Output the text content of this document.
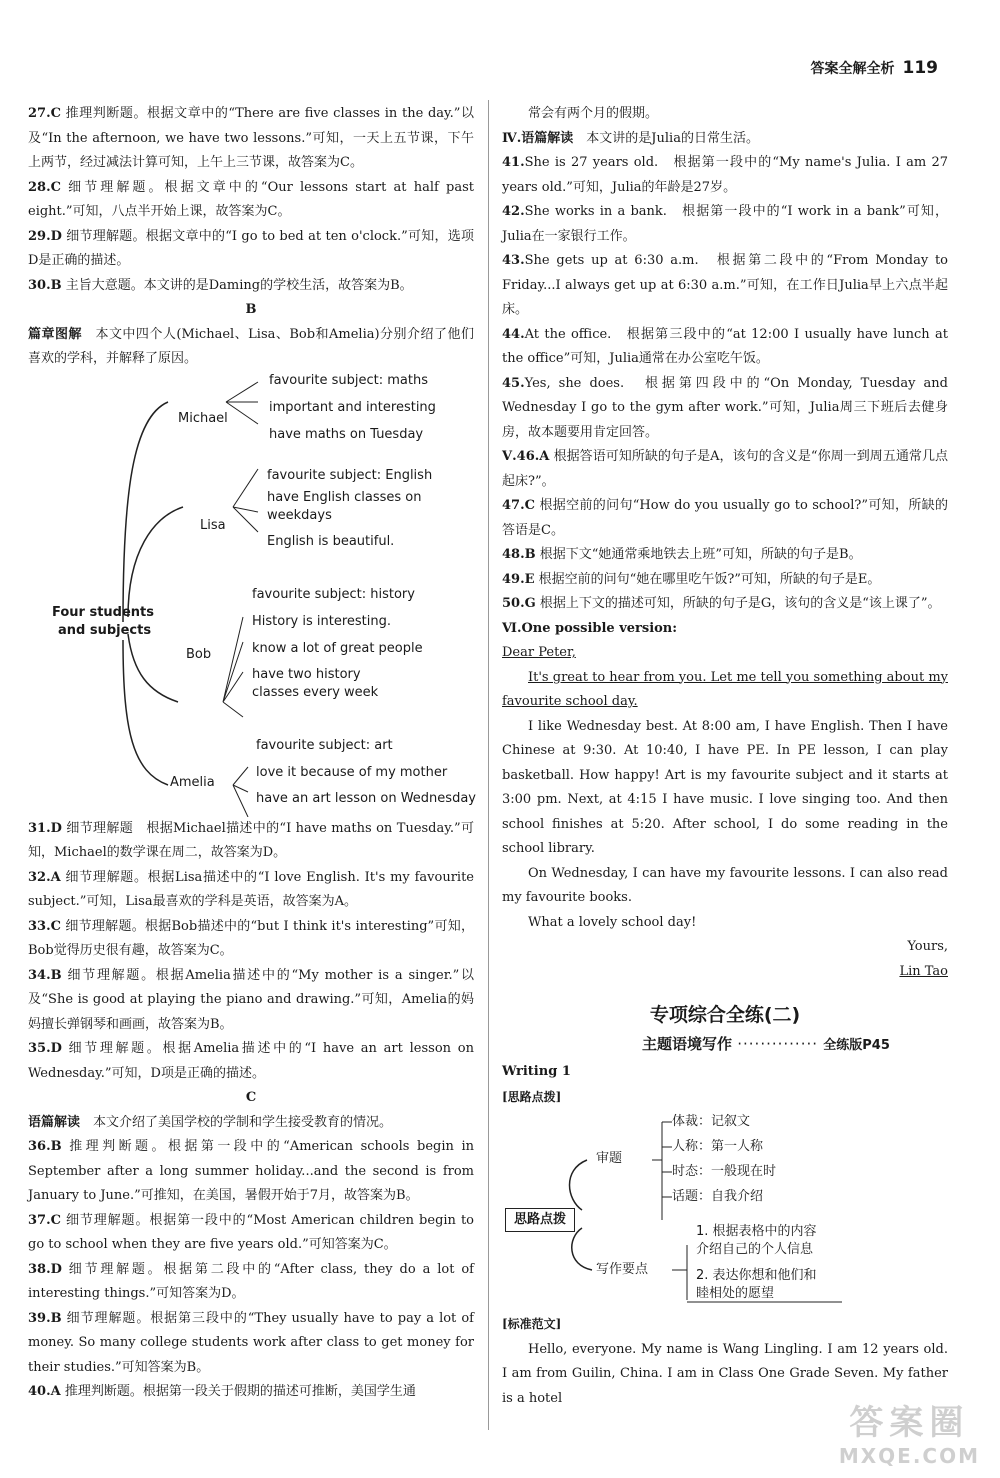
答案全解全析 119

27.C 推理判断题。根据文章中的“There are five classes in the day.”以及“In the afternoon, we have two lessons.”可知，一天上五节课，下午上两节，经过减法计算可知，上午上三节课，故答案为C。

28.C 细节理解题。根据文章中的“Our lessons start at half past eight.”可知，八点半开始上课，故答案为C。

29.D 细节理解题。根据文章中的“I go to bed at ten o'clock.”可知，选项D是正确的描述。

30.B 主旨大意题。本文讲的是Daming的学校生活，故答案为B。

B

篇章图解　 本文中四个人(Michael、Lisa、Bob和Amelia)分别介绍了他们喜欢的学科，并解释了原因。

Four students
and subjects
Michael
favourite subject: maths
important and interesting
have maths on Tuesday
Lisa
favourite subject: English
have English classes on
weekdays
English is beautiful.
Bob
favourite subject: history
History is interesting.
know a lot of great people
have two history
classes every week
Amelia
favourite subject: art
love it because of my mother
have an art lesson on Wednesday

31.D 细节理解题　根据Michael描述中的“I have maths on Tuesday.”可知，Michael的数学课在周二，故答案为D。

32.A 细节理解题。根据Lisa描述中的“I love English. It's my favourite subject.”可知，Lisa最喜欢的学科是英语，故答案为A。

33.C 细节理解题。根据Bob描述中的“but I think it's interesting”可知，Bob觉得历史很有趣，故答案为C。

34.B 细节理解题。根据Amelia描述中的“My mother is a singer.”以及“She is good at playing the piano and drawing.”可知，Amelia的妈妈擅长弹钢琴和画画，故答案为B。

35.D 细节理解题。根据Amelia描述中的“I have an art lesson on Wednesday.”可知，D项是正确的描述。

C

语篇解读　 本文介绍了美国学校的学制和学生接受教育的情况。

36.B 推理判断题。根据第一段中的“American schools begin in September after a long summer holiday...and the second is from January to June.”可推知，在美国，暑假开始于7月，故答案为B。

37.C 细节理解题。根据第一段中的“Most American children begin to go to school when they are five years old.”可知答案为C。

38.D 细节理解题。根据第二段中的“After class, they do a lot of interesting things.”可知答案为D。

39.B 细节理解题。根据第三段中的“They usually have to pay a lot of money. So many college students work after class to get money for their studies.”可知答案为B。

40.A 推理判断题。根据第一段关于假期的描述可推断，美国学生通

常会有两个月的假期。

Ⅳ.语篇解读　 本文讲的是Julia的日常生活。

41.She is 27 years old.　根据第一段中的“My name's Julia. I am 27 years old.”可知，Julia的年龄是27岁。

42.She works in a bank.　根据第一段中的“I work in a bank”可知，Julia在一家银行工作。

43.She gets up at 6:30 a.m.　根据第二段中的“From Monday to Friday...I always get up at 6:30 a.m.”可知，在工作日Julia早上六点半起床。

44.At the office.　根据第三段中的“at 12:00 I usually have lunch at the office”可知，Julia通常在办公室吃午饭。

45.Yes, she does.　根据第四段中的“On Monday, Tuesday and Wednesday I go to the gym after work.”可知，Julia周三下班后去健身房，故本题要用肯定回答。

Ⅴ.46.A 根据答语可知所缺的句子是A，该句的含义是“你周一到周五通常几点起床?”。

47.C 根据空前的问句“How do you usually go to school?”可知，所缺的答语是C。

48.B 根据下文“她通常乘地铁去上班”可知，所缺的句子是B。

49.E 根据空前的问句“她在哪里吃午饭?”可知，所缺的句子是E。

50.G 根据上下文的描述可知，所缺的句子是G，该句的含义是“该上课了”。

Ⅵ.One possible version:

Dear Peter,

It's great to hear from you. Let me tell you something about my favourite school day.

I like Wednesday best. At 8:00 am, I have English. Then I have Chinese at 9:30. At 10:40, I have PE. In PE lesson, I can play basketball. How happy! Art is my favourite subject and it starts at 3:00 pm. Next, at 4:15 I have music. I love singing too. And then school finishes at 5:20. After school, I do some reading in the school library.

On Wednesday, I can have my favourite lessons. I can also read my favourite books.

What a lovely school day!

Yours,

Lin Tao

专项综合全练(二)
主题语境写作 ·············· 全练版P45

Writing 1

[思路点拨]

思路点拨
审题
写作要点
体裁：记叙文
人称：第一人称
时态：一般现在时
话题：自我介绍
1. 根据表格中的内容
介绍自己的个人信息
2. 表达你想和他们和
睦相处的愿望

[标准范文]

Hello, everyone. My name is Wang Lingling. I am 12 years old. I am from Guilin, China. I am in Class One Grade Seven. My father is a hotel

答案圈
MXQE.COM
